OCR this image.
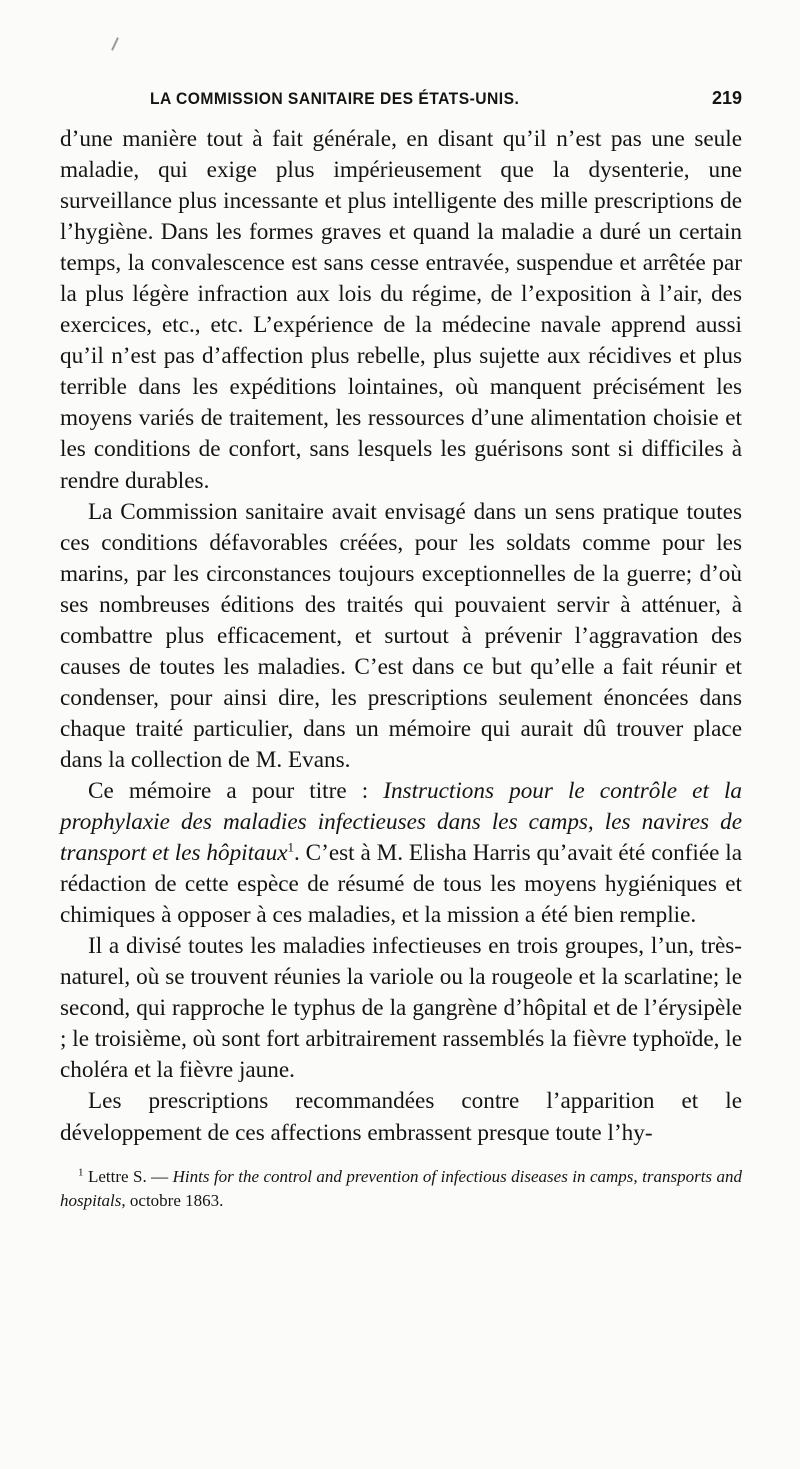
LA COMMISSION SANITAIRE DES ÉTATS-UNIS.	219

d’une manière tout à fait générale, en disant qu’il n’est pas une seule maladie, qui exige plus impérieusement que la dysenterie, une surveillance plus incessante et plus intelligente des mille prescriptions de l’hygiène. Dans les formes graves et quand la maladie a duré un certain temps, la convalescence est sans cesse entravée, suspendue et arrêtée par la plus légère infraction aux lois du régime, de l’exposition à l’air, des exercices, etc., etc. L’expérience de la médecine navale apprend aussi qu’il n’est pas d’affection plus rebelle, plus sujette aux récidives et plus terrible dans les expéditions lointaines, où manquent précisément les moyens variés de traitement, les ressources d’une alimentation choisie et les conditions de confort, sans lesquels les guérisons sont si difficiles à rendre durables.

La Commission sanitaire avait envisagé dans un sens pratique toutes ces conditions défavorables créées, pour les soldats comme pour les marins, par les circonstances toujours exceptionnelles de la guerre; d’où ses nombreuses éditions des traités qui pouvaient servir à atténuer, à combattre plus efficacement, et surtout à prévenir l’aggravation des causes de toutes les maladies. C’est dans ce but qu’elle a fait réunir et condenser, pour ainsi dire, les prescriptions seulement énoncées dans chaque traité particulier, dans un mémoire qui aurait dû trouver place dans la collection de M. Evans.

Ce mémoire a pour titre : Instructions pour le contrôle et la prophylaxie des maladies infectieuses dans les camps, les navires de transport et les hôpitaux$^1$. C’est à M. Elisha Harris qu’avait été confiée la rédaction de cette espèce de résumé de tous les moyens hygiéniques et chimiques à opposer à ces maladies, et la mission a été bien remplie.

Il a divisé toutes les maladies infectieuses en trois groupes, l’un, très-naturel, où se trouvent réunies la variole ou la rougeole et la scarlatine; le second, qui rapproche le typhus de la gangrène d’hôpital et de l’érysipèle ; le troisième, où sont fort arbitrairement rassemblés la fièvre typhoïde, le choléra et la fièvre jaune.

Les prescriptions recommandées contre l’apparition et le développement de ces affections embrassent presque toute l’hy-

$^1$ Lettre S. — Hints for the control and prevention of infectious diseases in camps, transports and hospitals, octobre 1863.
